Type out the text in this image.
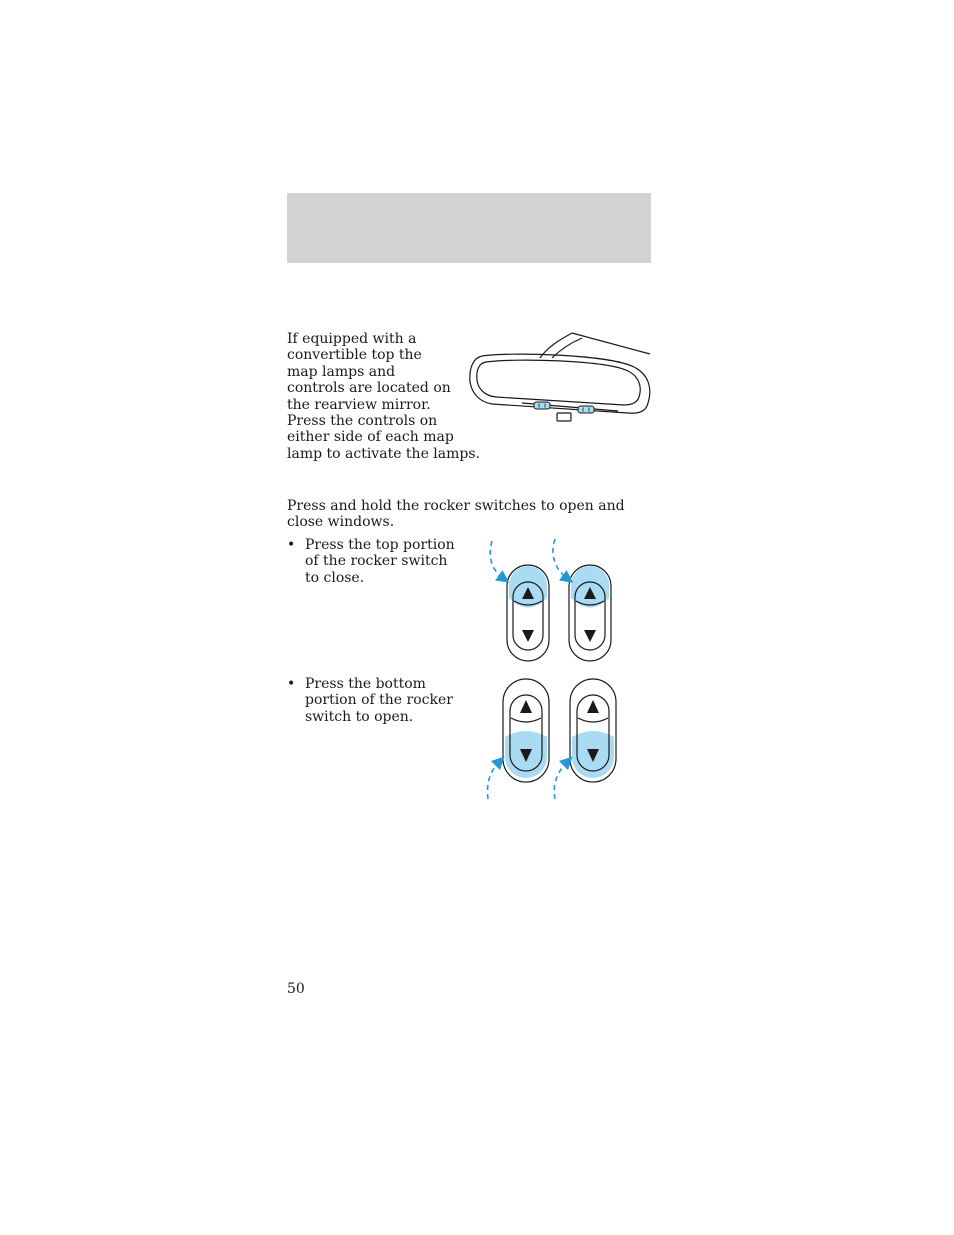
If equipped with a
convertible top the
map lamps and
controls are located on
the rearview mirror.
Press the controls on
either side of each map
lamp to activate the lamps.

Press and hold the rocker switches to open and
close windows.

• Press the top portion
of the rocker switch
to close.
• Press the bottom
portion of the rocker
switch to open.
50
